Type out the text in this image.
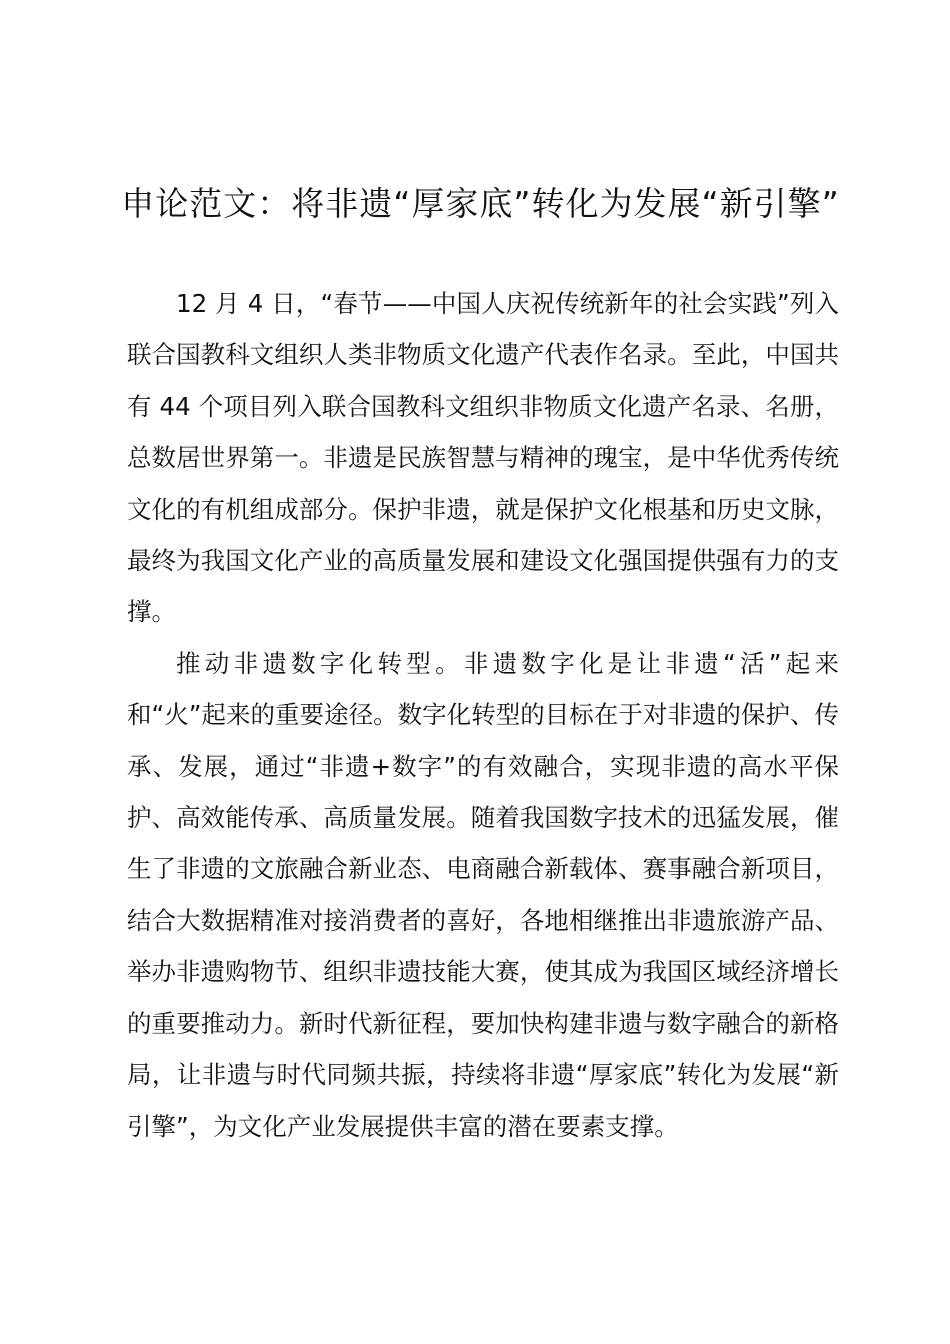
申论范文：将非遗“厚家底”转化为发展“新引擎”

12 月 4 日，“春节——中国人庆祝传统新年的社会实践”列入联合国教科文组织人类非物质文化遗产代表作名录。至此，中国共有 44 个项目列入联合国教科文组织非物质文化遗产名录、名册，总数居世界第一。非遗是民族智慧与精神的瑰宝，是中华优秀传统文化的有机组成部分。保护非遗，就是保护文化根基和历史文脉，最终为我国文化产业的高质量发展和建设文化强国提供强有力的支撑。

推动非遗数字化转型。非遗数字化是让非遗“活”起来和“火”起来的重要途径。数字化转型的目标在于对非遗的保护、传承、发展，通过“非遗+数字”的有效融合，实现非遗的高水平保护、高效能传承、高质量发展。随着我国数字技术的迅猛发展，催生了非遗的文旅融合新业态、电商融合新载体、赛事融合新项目，结合大数据精准对接消费者的喜好，各地相继推出非遗旅游产品、举办非遗购物节、组织非遗技能大赛，使其成为我国区域经济增长的重要推动力。新时代新征程，要加快构建非遗与数字融合的新格局，让非遗与时代同频共振，持续将非遗“厚家底”转化为发展“新引擎”，为文化产业发展提供丰富的潜在要素支撑。
